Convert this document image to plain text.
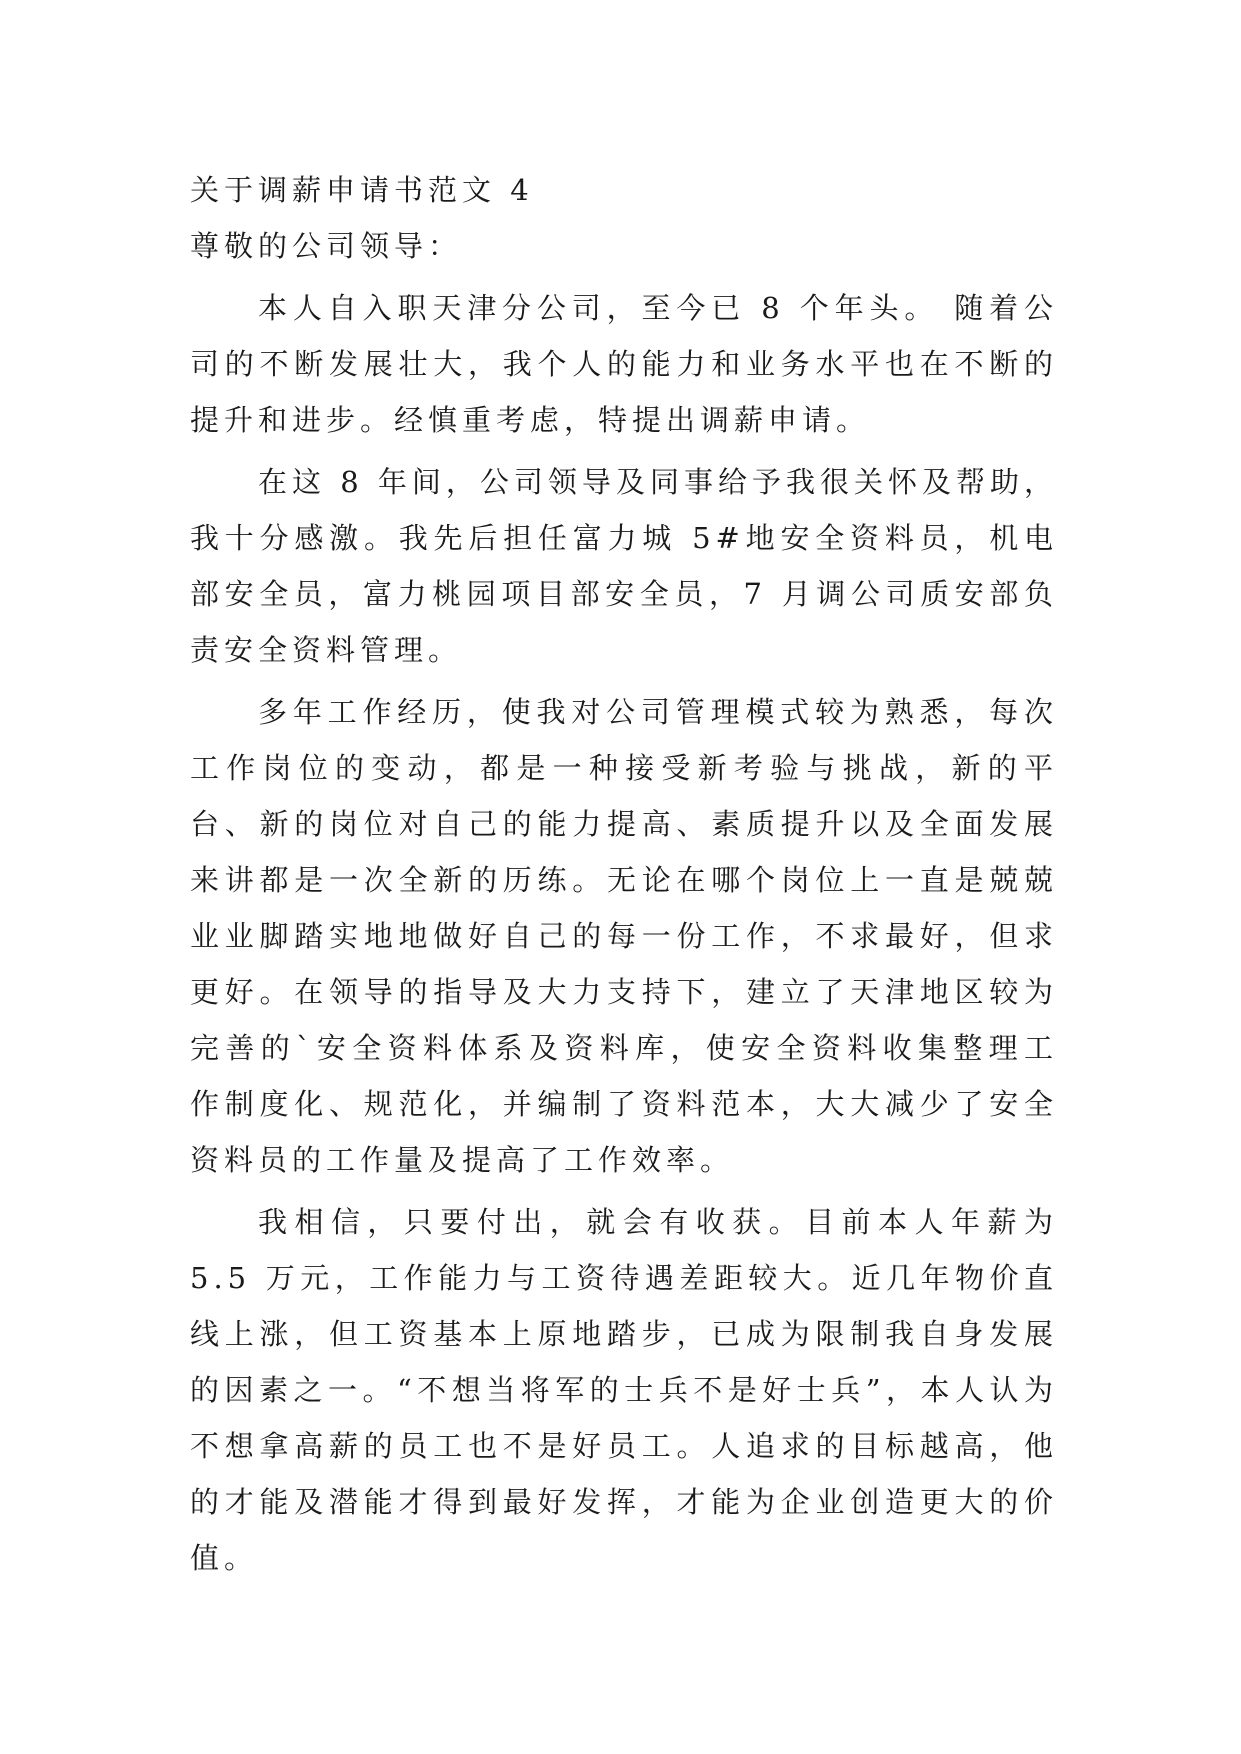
关于调薪申请书范文 4
尊敬的公司领导：

本人自入职天津分公司，至今已 8 个年头。 随着公司的不断发展壮大，我个人的能力和业务水平也在不断的提升和进步。经慎重考虑，特提出调薪申请。

在这 8 年间，公司领导及同事给予我很关怀及帮助，我十分感激。我先后担任富力城 5#地安全资料员，机电部安全员，富力桃园项目部安全员，7 月调公司质安部负责安全资料管理。

多年工作经历，使我对公司管理模式较为熟悉，每次工作岗位的变动，都是一种接受新考验与挑战，新的平台、新的岗位对自己的能力提高、素质提升以及全面发展来讲都是一次全新的历练。无论在哪个岗位上一直是兢兢业业脚踏实地地做好自己的每一份工作，不求最好，但求更好。在领导的指导及大力支持下，建立了天津地区较为完善的`安全资料体系及资料库，使安全资料收集整理工作制度化、规范化，并编制了资料范本，大大减少了安全资料员的工作量及提高了工作效率。

我相信，只要付出，就会有收获。目前本人年薪为 5.5 万元，工作能力与工资待遇差距较大。近几年物价直线上涨，但工资基本上原地踏步，已成为限制我自身发展的因素之一。“不想当将军的士兵不是好士兵”，本人认为不想拿高薪的员工也不是好员工。人追求的目标越高，他的才能及潜能才得到最好发挥，才能为企业创造更大的价值。
